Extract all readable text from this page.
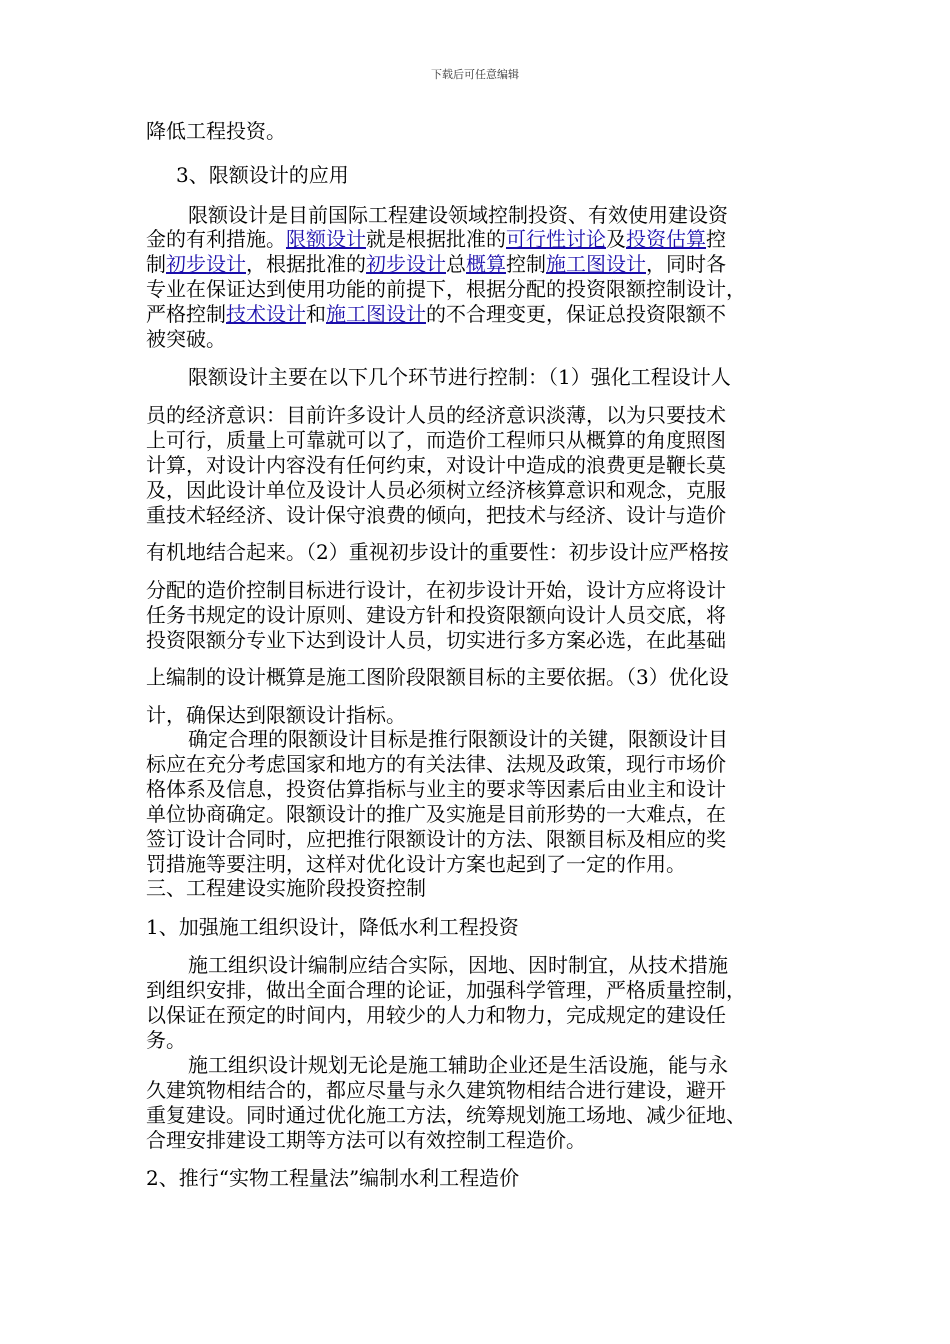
下载后可任意编辑
降低工程投资。
3、限额设计的应用
限额设计是目前国际工程建设领域控制投资、有效使用建设资
金的有利措施。限额设计就是根据批准的可行性讨论及投资估算控
制初步设计，根据批准的初步设计总概算控制施工图设计，同时各
专业在保证达到使用功能的前提下，根据分配的投资限额控制设计，
严格控制技术设计和施工图设计的不合理变更，保证总投资限额不
被突破。
限额设计主要在以下几个环节进行控制：（1）强化工程设计人
员的经济意识：目前许多设计人员的经济意识淡薄，以为只要技术
上可行，质量上可靠就可以了，而造价工程师只从概算的角度照图
计算，对设计内容没有任何约束，对设计中造成的浪费更是鞭长莫
及，因此设计单位及设计人员必须树立经济核算意识和观念，克服
重技术轻经济、设计保守浪费的倾向，把技术与经济、设计与造价
有机地结合起来。（2）重视初步设计的重要性：初步设计应严格按
分配的造价控制目标进行设计，在初步设计开始，设计方应将设计
任务书规定的设计原则、建设方针和投资限额向设计人员交底，将
投资限额分专业下达到设计人员，切实进行多方案必选，在此基础
上编制的设计概算是施工图阶段限额目标的主要依据。（3）优化设
计，确保达到限额设计指标。
确定合理的限额设计目标是推行限额设计的关键，限额设计目
标应在充分考虑国家和地方的有关法律、法规及政策，现行市场价
格体系及信息，投资估算指标与业主的要求等因素后由业主和设计
单位协商确定。限额设计的推广及实施是目前形势的一大难点，在
签订设计合同时，应把推行限额设计的方法、限额目标及相应的奖
罚措施等要注明，这样对优化设计方案也起到了一定的作用。
三、工程建设实施阶段投资控制
1、加强施工组织设计，降低水利工程投资
施工组织设计编制应结合实际，因地、因时制宜，从技术措施
到组织安排，做出全面合理的论证，加强科学管理，严格质量控制，
以保证在预定的时间内，用较少的人力和物力，完成规定的建设任
务。
施工组织设计规划无论是施工辅助企业还是生活设施，能与永
久建筑物相结合的，都应尽量与永久建筑物相结合进行建设，避开
重复建设。同时通过优化施工方法，统筹规划施工场地、减少征地、
合理安排建设工期等方法可以有效控制工程造价。
2、推行“实物工程量法”编制水利工程造价
